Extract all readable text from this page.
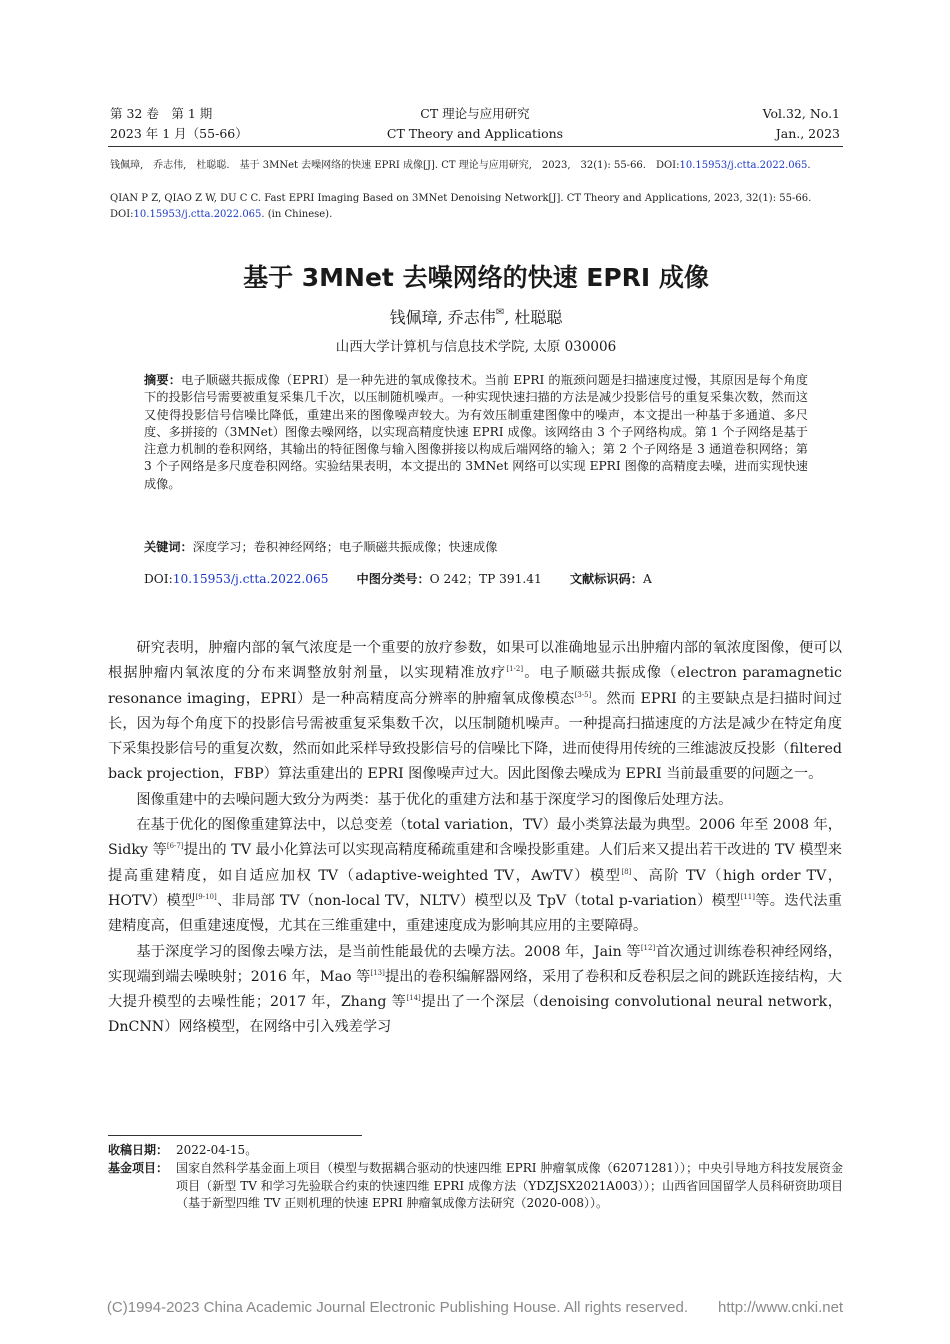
第 32 卷　第 1 期
2023 年 1 月（55-66）
CT 理论与应用研究
CT Theory and Applications
Vol.32, No.1
Jan., 2023
钱佩璋,　乔志伟,　杜聪聪.　基于 3MNet 去噪网络的快速 EPRI 成像[J]. CT 理论与应用研究,　2023,　32(1): 55-66.　DOI:10.15953/j.ctta.2022.065.
QIAN P Z, QIAO Z W, DU C C. Fast EPRI Imaging Based on 3MNet Denoising Network[J]. CT Theory and Applications, 2023, 32(1): 55-66. DOI:10.15953/j.ctta.2022.065. (in Chinese).
基于 3MNet 去噪网络的快速 EPRI 成像
钱佩璋, 乔志伟✉, 杜聪聪
山西大学计算机与信息技术学院, 太原 030006
摘要：电子顺磁共振成像（EPRI）是一种先进的氧成像技术。当前 EPRI 的瓶颈问题是扫描速度过慢，其原因是每个角度下的投影信号需要被重复采集几千次，以压制随机噪声。一种实现快速扫描的方法是减少投影信号的重复采集次数，然而这又使得投影信号信噪比降低，重建出来的图像噪声较大。为有效压制重建图像中的噪声，本文提出一种基于多通道、多尺度、多拼接的（3MNet）图像去噪网络，以实现高精度快速 EPRI 成像。该网络由 3 个子网络构成。第 1 个子网络是基于注意力机制的卷积网络，其输出的特征图像与输入图像拼接以构成后端网络的输入；第 2 个子网络是 3 通道卷积网络；第 3 个子网络是多尺度卷积网络。实验结果表明，本文提出的 3MNet 网络可以实现 EPRI 图像的高精度去噪，进而实现快速成像。
关键词：深度学习；卷积神经网络；电子顺磁共振成像；快速成像
DOI:10.15953/j.ctta.2022.065 中图分类号：O 242；TP 391.41 文献标识码：A

研究表明，肿瘤内部的氧气浓度是一个重要的放疗参数，如果可以准确地显示出肿瘤内部的氧浓度图像，便可以根据肿瘤内氧浓度的分布来调整放射剂量，以实现精准放疗[1-2]。电子顺磁共振成像（electron paramagnetic resonance imaging，EPRI）是一种高精度高分辨率的肿瘤氧成像模态[3-5]。然而 EPRI 的主要缺点是扫描时间过长，因为每个角度下的投影信号需被重复采集数千次，以压制随机噪声。一种提高扫描速度的方法是减少在特定角度下采集投影信号的重复次数，然而如此采样导致投影信号的信噪比下降，进而使得用传统的三维滤波反投影（filtered back projection，FBP）算法重建出的 EPRI 图像噪声过大。因此图像去噪成为 EPRI 当前最重要的问题之一。

图像重建中的去噪问题大致分为两类：基于优化的重建方法和基于深度学习的图像后处理方法。

在基于优化的图像重建算法中，以总变差（total variation，TV）最小类算法最为典型。2006 年至 2008 年，Sidky 等[6-7]提出的 TV 最小化算法可以实现高精度稀疏重建和含噪投影重建。人们后来又提出若干改进的 TV 模型来提高重建精度，如自适应加权 TV（adaptive-weighted TV，AwTV）模型[8]、高阶 TV（high order TV，HOTV）模型[9-10]、非局部 TV（non-local TV，NLTV）模型以及 TpV（total p-variation）模型[11]等。迭代法重建精度高，但重建速度慢，尤其在三维重建中，重建速度成为影响其应用的主要障碍。

基于深度学习的图像去噪方法，是当前性能最优的去噪方法。2008 年，Jain 等[12]首次通过训练卷积神经网络，实现端到端去噪映射；2016 年，Mao 等[13]提出的卷积编解器网络，采用了卷积和反卷积层之间的跳跃连接结构，大大提升模型的去噪性能；2017 年，Zhang 等[14]提出了一个深层（denoising convolutional neural network，DnCNN）网络模型，在网络中引入残差学习

收稿日期： 2022-04-15。
基金项目： 国家自然科学基金面上项目（模型与数据耦合驱动的快速四维 EPRI 肿瘤氧成像（62071281））；中央引导地方科技发展资金项目（新型 TV 和学习先验联合约束的快速四维 EPRI 成像方法（YDZJSX2021A003））；山西省回国留学人员科研资助项目（基于新型四维 TV 正则机理的快速 EPRI 肿瘤氧成像方法研究（2020-008））。
(C)1994-2023 China Academic Journal Electronic Publishing House. All rights reserved.　　http://www.cnki.net
